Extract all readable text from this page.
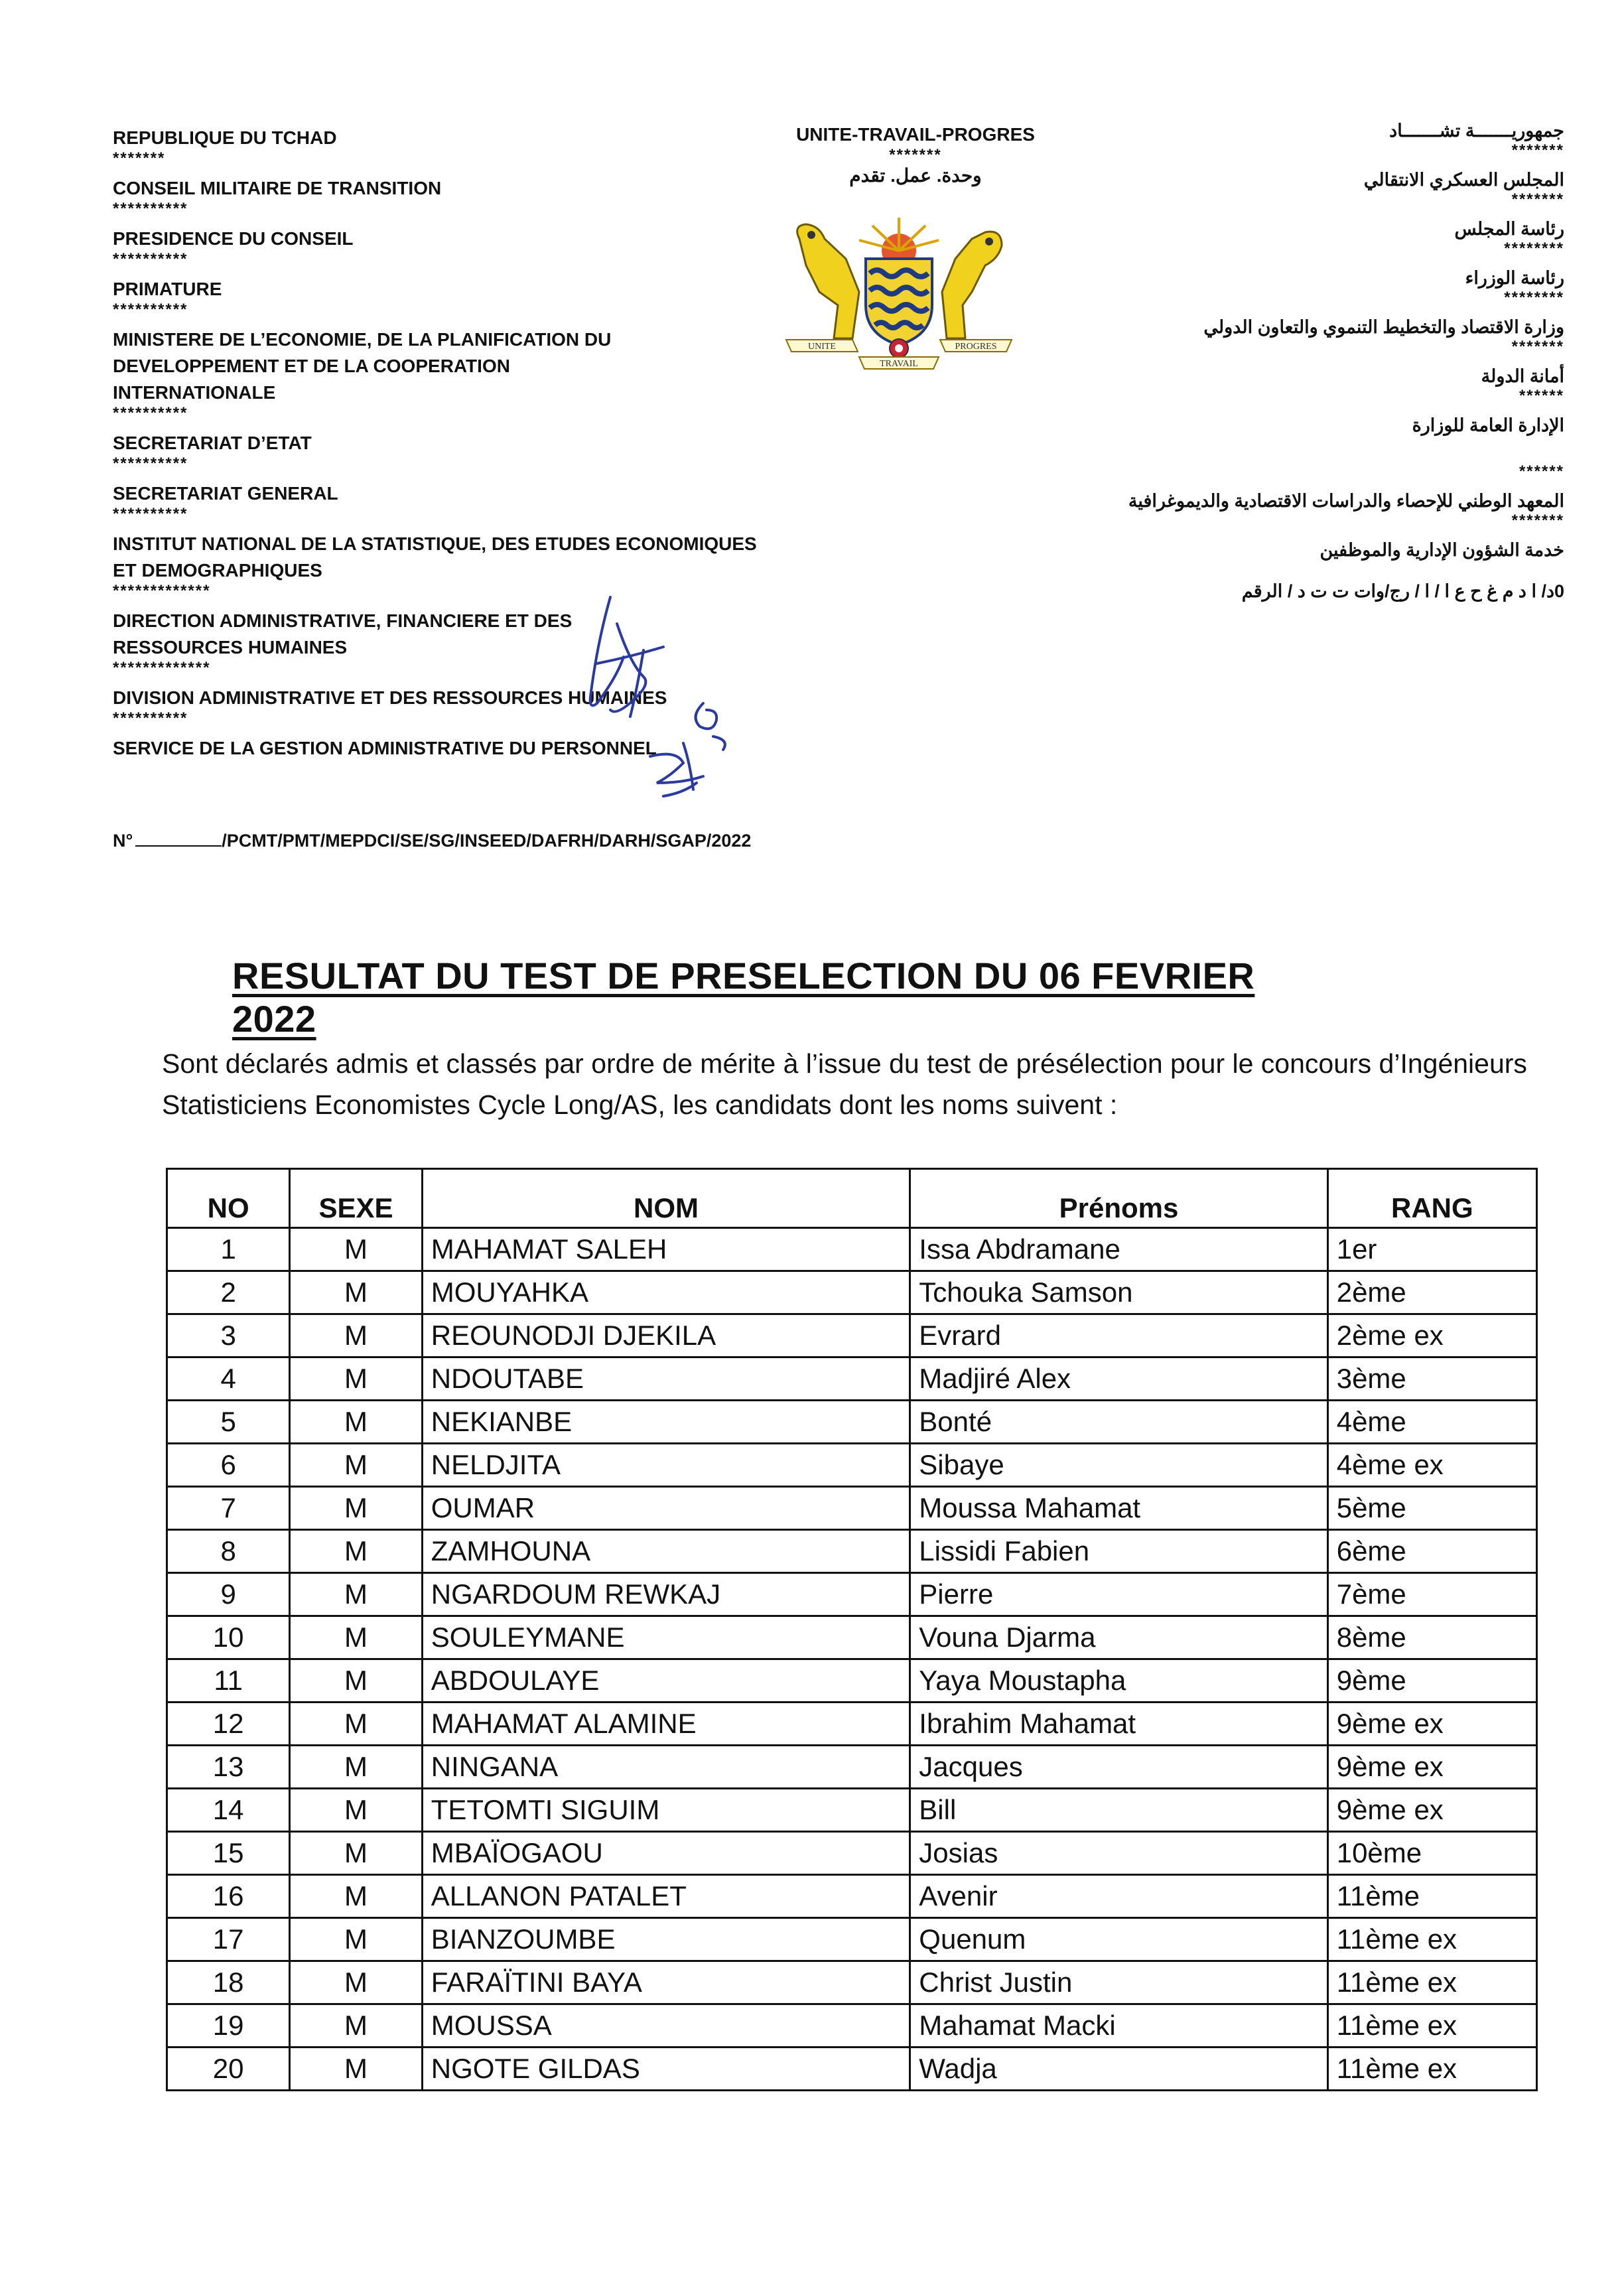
REPUBLIQUE DU TCHAD
*******
CONSEIL MILITAIRE DE TRANSITION
**********
PRESIDENCE DU CONSEIL
**********
PRIMATURE
**********
MINISTERE DE L’ECONOMIE, DE LA PLANIFICATION DU
DEVELOPPEMENT ET DE LA COOPERATION
INTERNATIONALE
**********
SECRETARIAT D’ETAT
**********
SECRETARIAT GENERAL
**********
INSTITUT NATIONAL DE LA STATISTIQUE, DES ETUDES ECONOMIQUES
ET DEMOGRAPHIQUES
*************
DIRECTION ADMINISTRATIVE, FINANCIERE ET DES
RESSOURCES HUMAINES
*************
DIVISION ADMINISTRATIVE ET DES RESSOURCES HUMAINES
**********
SERVICE DE LA GESTION ADMINISTRATIVE DU PERSONNEL
UNITE-TRAVAIL-PROGRES
*******
وحدة. عمل. تقدم
UNITE	PROGRES
TRAVAIL
جمهوريـــــــة تشـــــــاد
*******
المجلس العسكري الانتقالي
*******
رئاسة المجلس
********
رئاسة الوزراء
********
وزارة الاقتصاد والتخطيط التنموي والتعاون الدولي
*******
أمانة الدولة
******
الإدارة العامة للوزارة
******
المعهد الوطني للإحصاء والدراسات الاقتصادية والديموغرافية
*******
خدمة الشؤون الإدارية والموظفين
0د/ ا د م غ ح ع ا / ا / رج/وات ت ت د / الرقم
N°	/PCMT/PMT/MEPDCI/SE/SG/INSEED/DAFRH/DARH/SGAP/2022
RESULTAT DU TEST DE PRESELECTION DU 06 FEVRIER 2022
Sont déclarés admis et classés par ordre de mérite à l’issue du test de présélection pour le concours d’Ingénieurs Statisticiens Economistes Cycle Long/AS, les candidats dont les noms suivent :
NO	SEXE	NOM	Prénoms	RANG
1	M	MAHAMAT SALEH	Issa Abdramane	1er
2	M	MOUYAHKA	Tchouka Samson	2ème
3	M	REOUNODJI DJEKILA	Evrard	2ème ex
4	M	NDOUTABE	Madjiré Alex	3ème
5	M	NEKIANBE	Bonté	4ème
6	M	NELDJITA	Sibaye	4ème ex
7	M	OUMAR	Moussa Mahamat	5ème
8	M	ZAMHOUNA	Lissidi Fabien	6ème
9	M	NGARDOUM REWKAJ	Pierre	7ème
10	M	SOULEYMANE	Vouna Djarma	8ème
11	M	ABDOULAYE	Yaya Moustapha	9ème
12	M	MAHAMAT ALAMINE	Ibrahim Mahamat	9ème ex
13	M	NINGANA	Jacques	9ème ex
14	M	TETOMTI SIGUIM	Bill	9ème ex
15	M	MBAÏOGAOU	Josias	10ème
16	M	ALLANON PATALET	Avenir	11ème
17	M	BIANZOUMBE	Quenum	11ème ex
18	M	FARAÏTINI BAYA	Christ Justin	11ème ex
19	M	MOUSSA	Mahamat Macki	11ème ex
20	M	NGOTE GILDAS	Wadja	11ème ex
